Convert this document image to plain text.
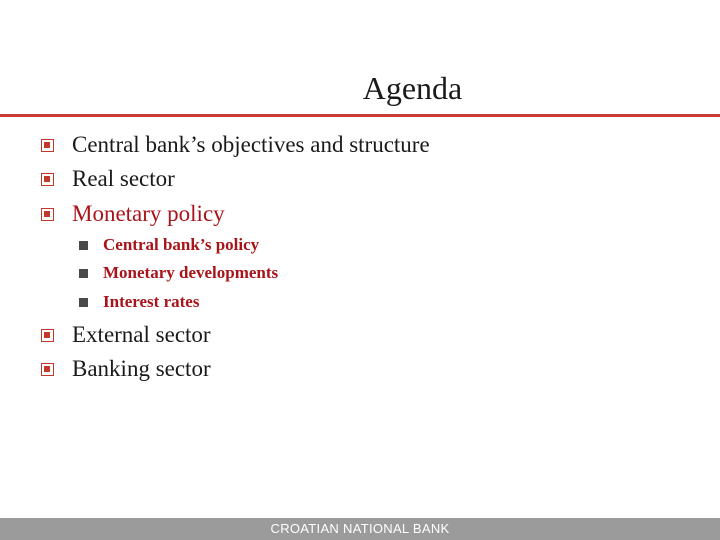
Agenda
Central bank’s objectives and structure
Real sector
Monetary policy
Central bank’s policy
Monetary developments
Interest rates
External sector
Banking sector
CROATIAN NATIONAL BANK
